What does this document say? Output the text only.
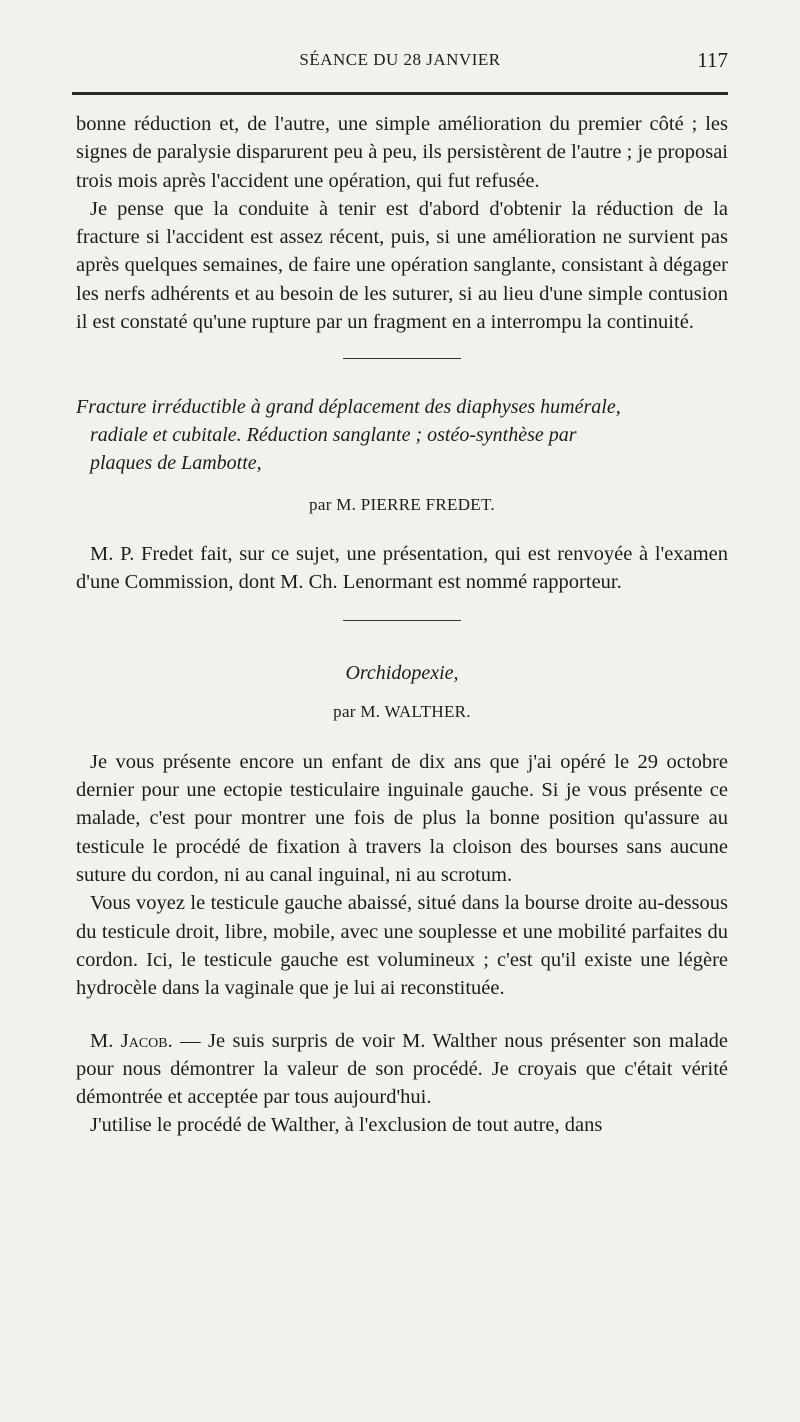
SÉANCE DU 28 JANVIER	117

bonne réduction et, de l'autre, une simple amélioration du premier côté ; les signes de paralysie disparurent peu à peu, ils persistèrent de l'autre ; je proposai trois mois après l'accident une opération, qui fut refusée.

Je pense que la conduite à tenir est d'abord d'obtenir la réduction de la fracture si l'accident est assez récent, puis, si une amélioration ne survient pas après quelques semaines, de faire une opération sanglante, consistant à dégager les nerfs adhérents et au besoin de les suturer, si au lieu d'une simple contusion il est constaté qu'une rupture par un fragment en a interrompu la continuité.

Fracture irréductible à grand déplacement des diaphyses humérale,
radiale et cubitale. Réduction sanglante ; ostéo-synthèse par
plaques de Lambotte,
par M. PIERRE FREDET.

M. P. Fredet fait, sur ce sujet, une présentation, qui est renvoyée à l'examen d'une Commission, dont M. Ch. Lenormant est nommé rapporteur.

Orchidopexie,
par M. WALTHER.

Je vous présente encore un enfant de dix ans que j'ai opéré le 29 octobre dernier pour une ectopie testiculaire inguinale gauche. Si je vous présente ce malade, c'est pour montrer une fois de plus la bonne position qu'assure au testicule le procédé de fixation à travers la cloison des bourses sans aucune suture du cordon, ni au canal inguinal, ni au scrotum.

Vous voyez le testicule gauche abaissé, situé dans la bourse droite au-dessous du testicule droit, libre, mobile, avec une souplesse et une mobilité parfaites du cordon. Ici, le testicule gauche est volumineux ; c'est qu'il existe une légère hydrocèle dans la vaginale que je lui ai reconstituée.

M. Jacob. — Je suis surpris de voir M. Walther nous présenter son malade pour nous démontrer la valeur de son procédé. Je croyais que c'était vérité démontrée et acceptée par tous aujourd'hui.

J'utilise le procédé de Walther, à l'exclusion de tout autre, dans
